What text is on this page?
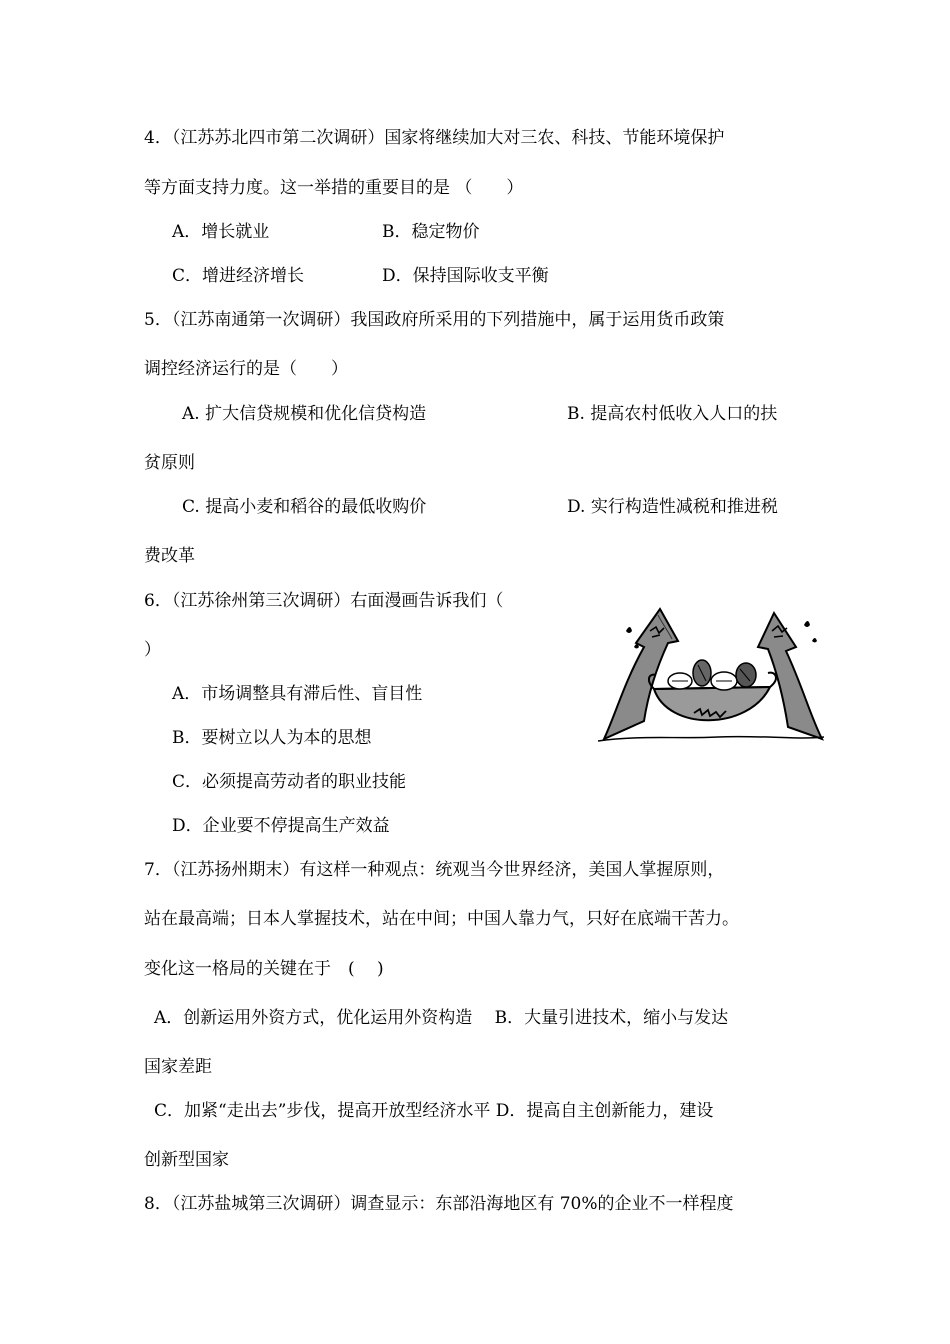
4．（江苏苏北四市第二次调研）国家将继续加大对三农、科技、节能环境保护
等方面支持力度。这一举措的重要目的是 （　　）
A．增长就业	B．稳定物价
C．增进经济增长	D．保持国际收支平衡
5．（江苏南通第一次调研）我国政府所采用的下列措施中，属于运用货币政策
调控经济运行的是（　　）
A. 扩大信贷规模和优化信贷构造	B. 提高农村低收入人口的扶
贫原则
C. 提高小麦和稻谷的最低收购价	D. 实行构造性减税和推进税
费改革
6．（江苏徐州第三次调研）右面漫画告诉我们（
）
A．市场调整具有滞后性、盲目性
B．要树立以人为本的思想
C．必须提高劳动者的职业技能
D．企业要不停提高生产效益
7．（江苏扬州期末）有这样一种观点：统观当今世界经济，美国人掌握原则，
站在最高端；日本人掌握技术，站在中间；中国人靠力气，只好在底端干苦力。
变化这一格局的关键在于　(　 )
A．创新运用外资方式，优化运用外资构造　 B．大量引进技术，缩小与发达
国家差距
C．加紧“走出去”步伐，提高开放型经济水平 D．提高自主创新能力，建设
创新型国家
8．（江苏盐城第三次调研）调查显示：东部沿海地区有 70%的企业不一样程度
